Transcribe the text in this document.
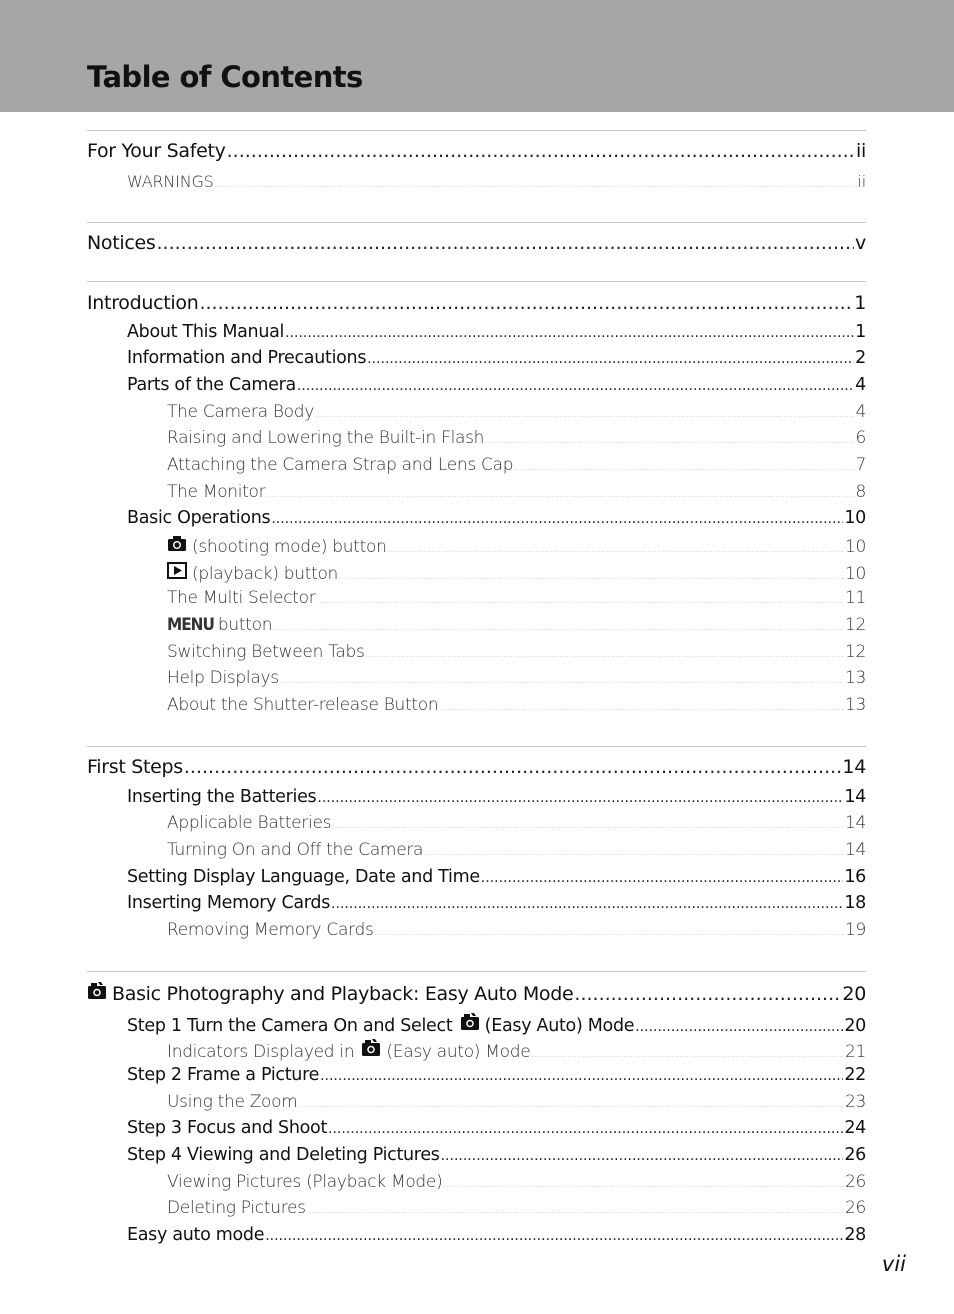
Table of Contents
For Your Safety .....	ii
WARNINGS .....	ii
Notices .....	v
Introduction .....	1
About This Manual .....	1
Information and Precautions .....	2
Parts of the Camera .....	4
The Camera Body .....	4
Raising and Lowering the Built-in Flash .....	6
Attaching the Camera Strap and Lens Cap .....	7
The Monitor .....	8
Basic Operations .....	10
(shooting mode) button .....	10
(playback) button .....	10
The Multi Selector .....	11
MENU button .....	12
Switching Between Tabs .....	12
Help Displays .....	13
About the Shutter-release Button .....	13
First Steps .....	14
Inserting the Batteries .....	14
Applicable Batteries .....	14
Turning On and Off the Camera .....	14
Setting Display Language, Date and Time .....	16
Inserting Memory Cards .....	18
Removing Memory Cards .....	19
Basic Photography and Playback: Easy Auto Mode .....	20
Step 1 Turn the Camera On and Select (Easy Auto) Mode .....	20
Indicators Displayed in (Easy auto) Mode .....	21
Step 2 Frame a Picture .....	22
Using the Zoom .....	23
Step 3 Focus and Shoot .....	24
Step 4 Viewing and Deleting Pictures .....	26
Viewing Pictures (Playback Mode) .....	26
Deleting Pictures .....	26
Easy auto mode .....	28
vii
